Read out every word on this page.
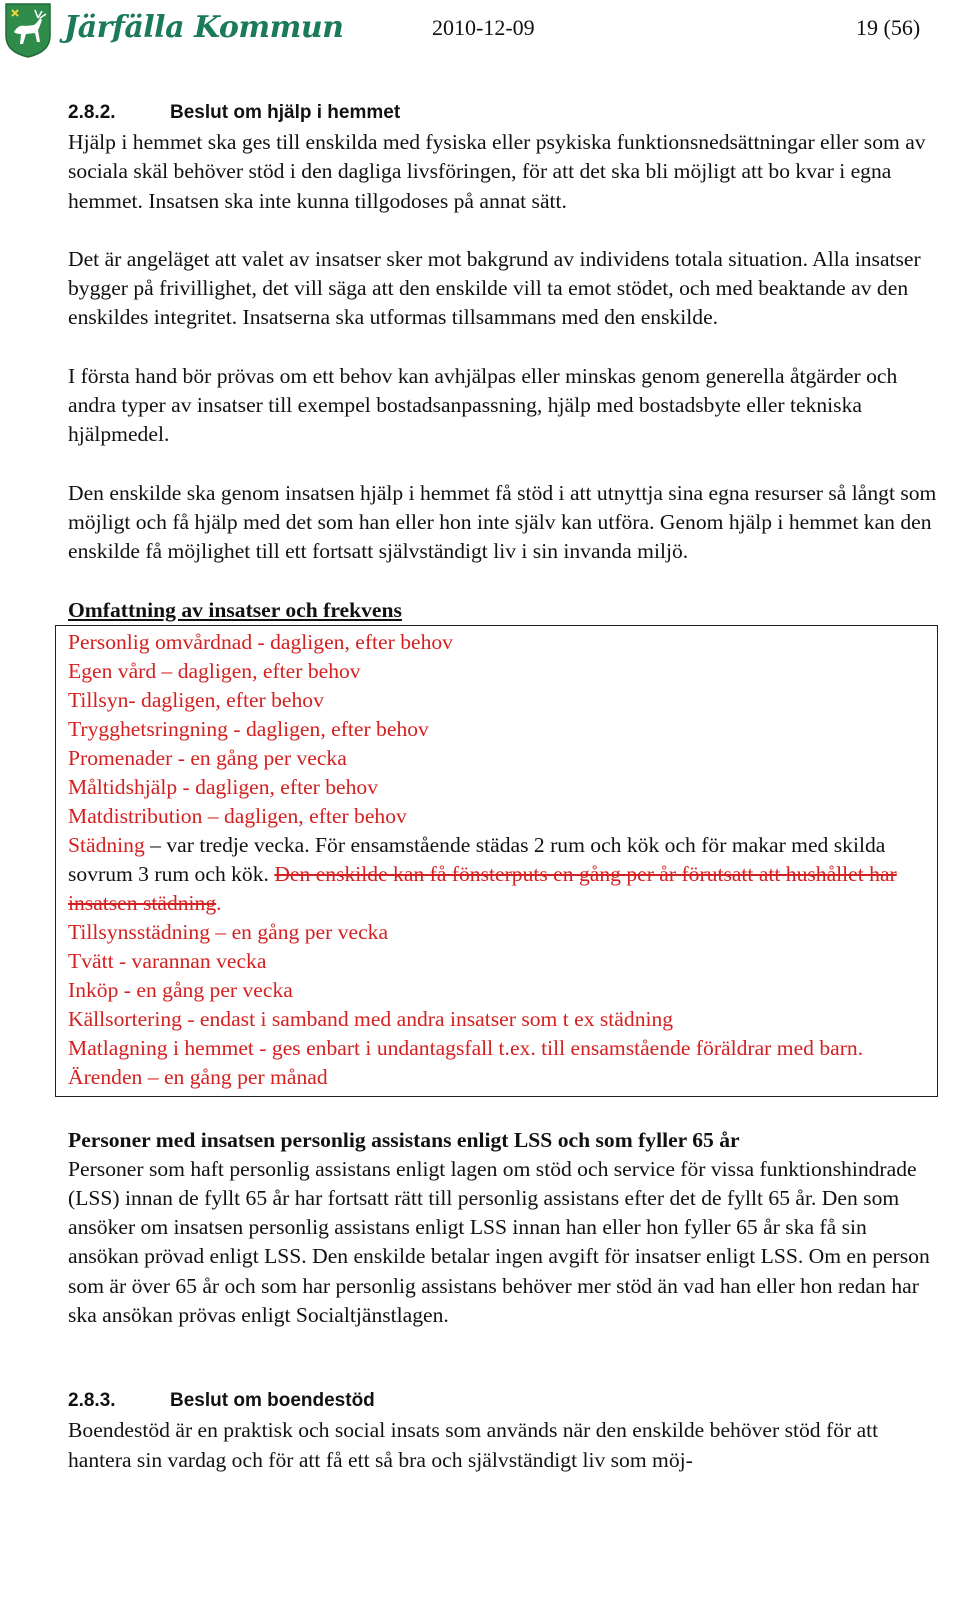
Järfälla Kommun	2010-12-09	19 (56)
2.8.2.	Beslut om hjälp i hemmet

Hjälp i hemmet ska ges till enskilda med fysiska eller psykiska funktionsnedsättningar eller som av sociala skäl behöver stöd i den dagliga livsföringen, för att det ska bli möjligt att bo kvar i egna hemmet. Insatsen ska inte kunna tillgodoses på annat sätt.

Det är angeläget att valet av insatser sker mot bakgrund av individens totala situation. Alla insatser bygger på frivillighet, det vill säga att den enskilde vill ta emot stödet, och med beaktande av den enskildes integritet. Insatserna ska utformas tillsammans med den enskilde.

I första hand bör prövas om ett behov kan avhjälpas eller minskas genom generella åtgärder och andra typer av insatser till exempel bostadsanpassning, hjälp med bostadsbyte eller tekniska hjälpmedel.

Den enskilde ska genom insatsen hjälp i hemmet få stöd i att utnyttja sina egna resurser så långt som möjligt och få hjälp med det som han eller hon inte själv kan utföra. Genom hjälp i hemmet kan den enskilde få möjlighet till ett fortsatt självständigt liv i sin invanda miljö.

Omfattning av insatser och frekvens

Personlig omvårdnad - dagligen, efter behov

Egen vård – dagligen, efter behov

Tillsyn- dagligen, efter behov

Trygghetsringning - dagligen, efter behov

Promenader - en gång per vecka

Måltidshjälp - dagligen, efter behov

Matdistribution – dagligen, efter behov

Städning – var tredje vecka. För ensamstående städas 2 rum och kök och för makar med skilda sovrum 3 rum och kök. Den enskilde kan få fönsterputs en gång per år förutsatt att hushållet har insatsen städning.

Tillsynsstädning – en gång per vecka

Tvätt - varannan vecka

Inköp - en gång per vecka

Källsortering - endast i samband med andra insatser som t ex städning

Matlagning i hemmet - ges enbart i undantagsfall t.ex. till ensamstående föräldrar med barn.

Ärenden – en gång per månad

Personer med insatsen personlig assistans enligt LSS och som fyller 65 år

Personer som haft personlig assistans enligt lagen om stöd och service för vissa funktionshindrade (LSS) innan de fyllt 65 år har fortsatt rätt till personlig assistans efter det de fyllt 65 år. Den som ansöker om insatsen personlig assistans enligt LSS innan han eller hon fyller 65 år ska få sin ansökan prövad enligt LSS. Den enskilde betalar ingen avgift för insatser enligt LSS. Om en person som är över 65 år och som har personlig assistans behöver mer stöd än vad han eller hon redan har ska ansökan prövas enligt Socialtjänstlagen.

2.8.3.	Beslut om boendestöd

Boendestöd är en praktisk och social insats som används när den enskilde behöver stöd för att hantera sin vardag och för att få ett så bra och självständigt liv som möj-
